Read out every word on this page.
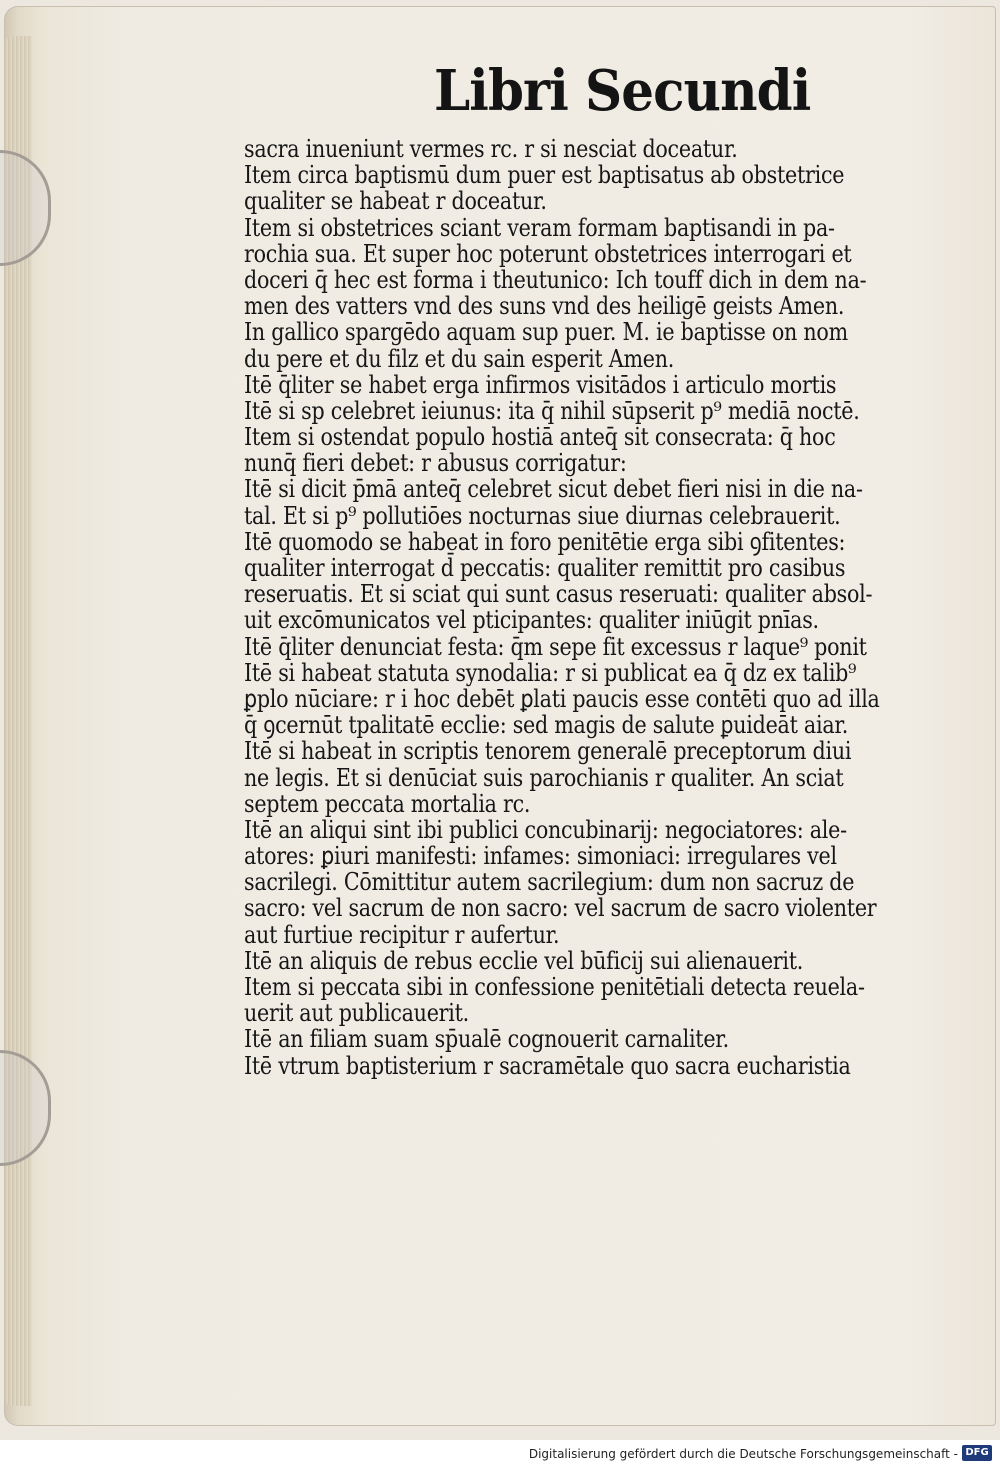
Libri Secundi
sacra inueniunt vermes rc. r si nesciat doceatur.
Item circa baptismū dum puer est baptisatus ab obstetrice
qualiter se habeat r doceatur.
Item si obstetrices sciant veram formam baptisandi in pa-
rochia sua. Et super hoc poterunt obstetrices interrogari et
doceri q̄ hec est forma i theutunico: Ich touff dich in dem na-
men des vatters vnd des suns vnd des heiligē geists Amen.
In gallico spargēdo aquam sup puer. M. ie baptisse on nom
du pere et du filz et du sain esperit Amen.
Itē q̄liter se habet erga infirmos visitādos i articulo mortis
Itē si sp celebret ieiunus: ita q̄ nihil sūpserit p⁹ mediā noctē.
Item si ostendat populo hostiā anteq̄ sit consecrata: q̄ hoc
nunq̄ fieri debet: r abusus corrigatur:
Itē si dicit p̄mā anteq̄ celebret sicut debet fieri nisi in die na-
tal. Et si p⁹ pollutiōes nocturnas siue diurnas celebrauerit.
Itē quomodo se habeat in foro penitētie erga sibi ꝯfitentes:
qualiter interrogat d̄ peccatis: qualiter remittit pro casibus
reseruatis. Et si sciat qui sunt casus reseruati: qualiter absol-
uit excōmunicatos vel pticipantes: qualiter iniūgit pnīas.
Itē q̄liter denunciat festa: q̄m sepe fit excessus r laque⁹ ponit
Itē si habeat statuta synodalia: r si publicat ea q̄ dz ex talib⁹
ꝑplo nūciare: r i hoc debēt ꝑlati paucis esse contēti quo ad illa
q̄ ꝯcernūt tpalitatē ecclie: sed magis de salute ꝑuideāt aiar.
Itē si habeat in scriptis tenorem generalē preceptorum diui
ne legis. Et si denūciat suis parochianis r qualiter. An sciat
septem peccata mortalia rc.
Itē an aliqui sint ibi publici concubinarij: negociatores: ale-
atores: ꝑiuri manifesti: infames: simoniaci: irregulares vel
sacrilegi. Cōmittitur autem sacrilegium: dum non sacruz de
sacro: vel sacrum de non sacro: vel sacrum de sacro violenter
aut furtiue recipitur r aufertur.
Itē an aliquis de rebus ecclie vel būficij sui alienauerit.
Item si peccata sibi in confessione penitētiali detecta reuela-
uerit aut publicauerit.
Itē an filiam suam sp̄ualē cognouerit carnaliter.
Itē vtrum baptisterium r sacramētale quo sacra eucharistia
Digitalisierung gefördert durch die Deutsche Forschungsgemeinschaft - DFG
